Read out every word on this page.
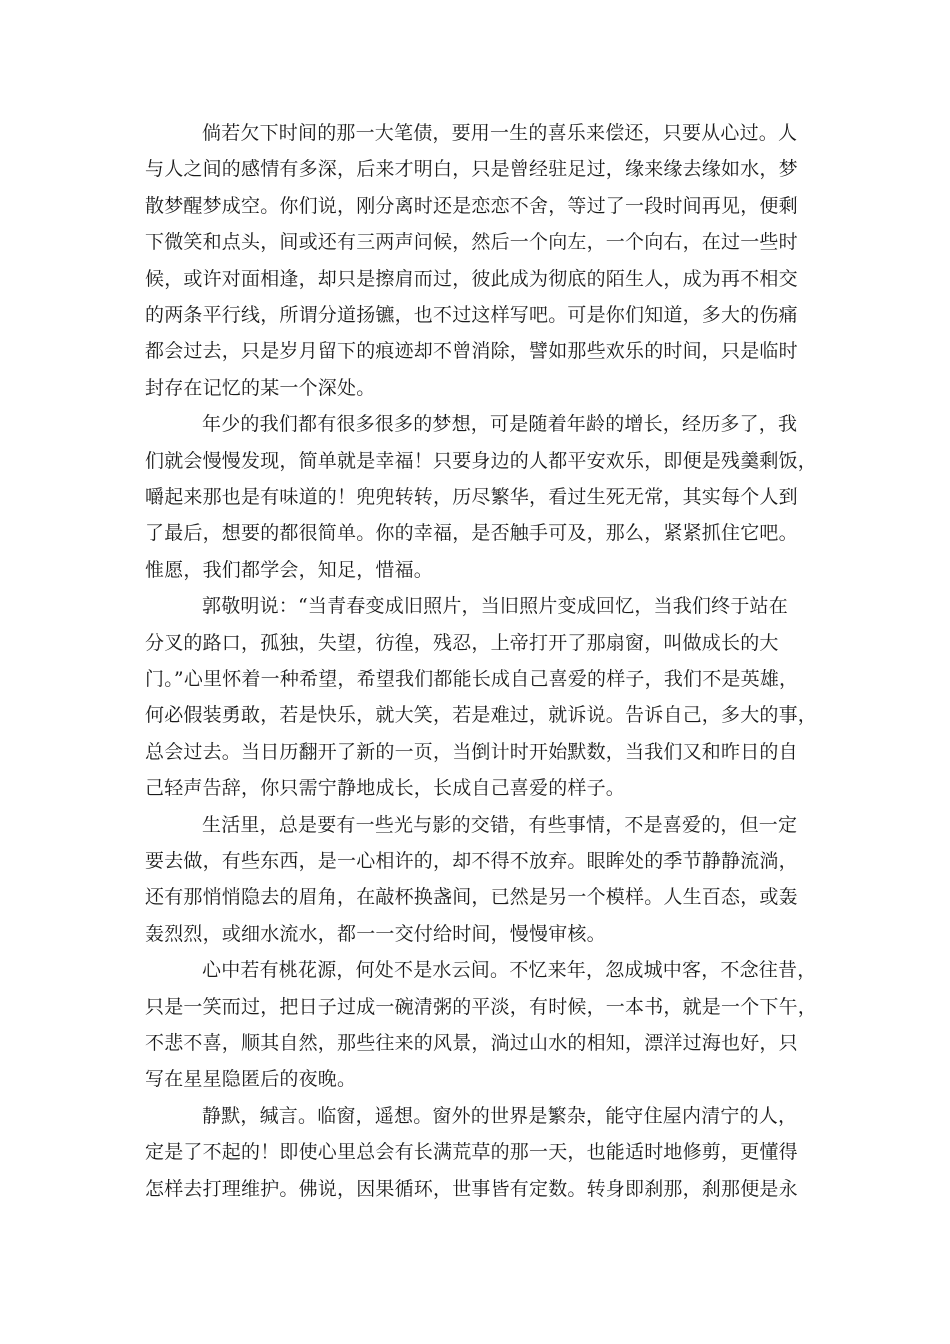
倘若欠下时间的那一大笔债，要用一生的喜乐来偿还，只要从心过。人
与人之间的感情有多深，后来才明白，只是曾经驻足过，缘来缘去缘如水，梦
散梦醒梦成空。你们说，刚分离时还是恋恋不舍，等过了一段时间再见，便剩
下微笑和点头，间或还有三两声问候，然后一个向左，一个向右，在过一些时
候，或许对面相逢，却只是擦肩而过，彼此成为彻底的陌生人，成为再不相交
的两条平行线，所谓分道扬镳，也不过这样写吧。可是你们知道，多大的伤痛
都会过去，只是岁月留下的痕迹却不曾消除，譬如那些欢乐的时间，只是临时
封存在记忆的某一个深处。
年少的我们都有很多很多的梦想，可是随着年龄的增长，经历多了，我
们就会慢慢发现，简单就是幸福！只要身边的人都平安欢乐，即便是残羹剩饭，
嚼起来那也是有味道的！兜兜转转，历尽繁华，看过生死无常，其实每个人到
了最后，想要的都很简单。你的幸福，是否触手可及，那么，紧紧抓住它吧。
惟愿，我们都学会，知足，惜福。
郭敬明说：“当青春变成旧照片，当旧照片变成回忆，当我们终于站在
分叉的路口，孤独，失望，彷徨，残忍，上帝打开了那扇窗，叫做成长的大
门。”心里怀着一种希望，希望我们都能长成自己喜爱的样子，我们不是英雄，
何必假装勇敢，若是快乐，就大笑，若是难过，就诉说。告诉自己，多大的事，
总会过去。当日历翻开了新的一页，当倒计时开始默数，当我们又和昨日的自
己轻声告辞，你只需宁静地成长，长成自己喜爱的样子。
生活里，总是要有一些光与影的交错，有些事情，不是喜爱的，但一定
要去做，有些东西，是一心相许的，却不得不放弃。眼眸处的季节静静流淌，
还有那悄悄隐去的眉角，在敲杯换盏间，已然是另一个模样。人生百态，或轰
轰烈烈，或细水流水，都一一交付给时间，慢慢审核。
心中若有桃花源，何处不是水云间。不忆来年，忽成城中客，不念往昔，
只是一笑而过，把日子过成一碗清粥的平淡，有时候，一本书，就是一个下午，
不悲不喜，顺其自然，那些往来的风景，淌过山水的相知，漂洋过海也好，只
写在星星隐匿后的夜晚。
静默，缄言。临窗，遥想。窗外的世界是繁杂，能守住屋内清宁的人，
定是了不起的！即使心里总会有长满荒草的那一天，也能适时地修剪，更懂得
怎样去打理维护。佛说，因果循环，世事皆有定数。转身即刹那，刹那便是永
